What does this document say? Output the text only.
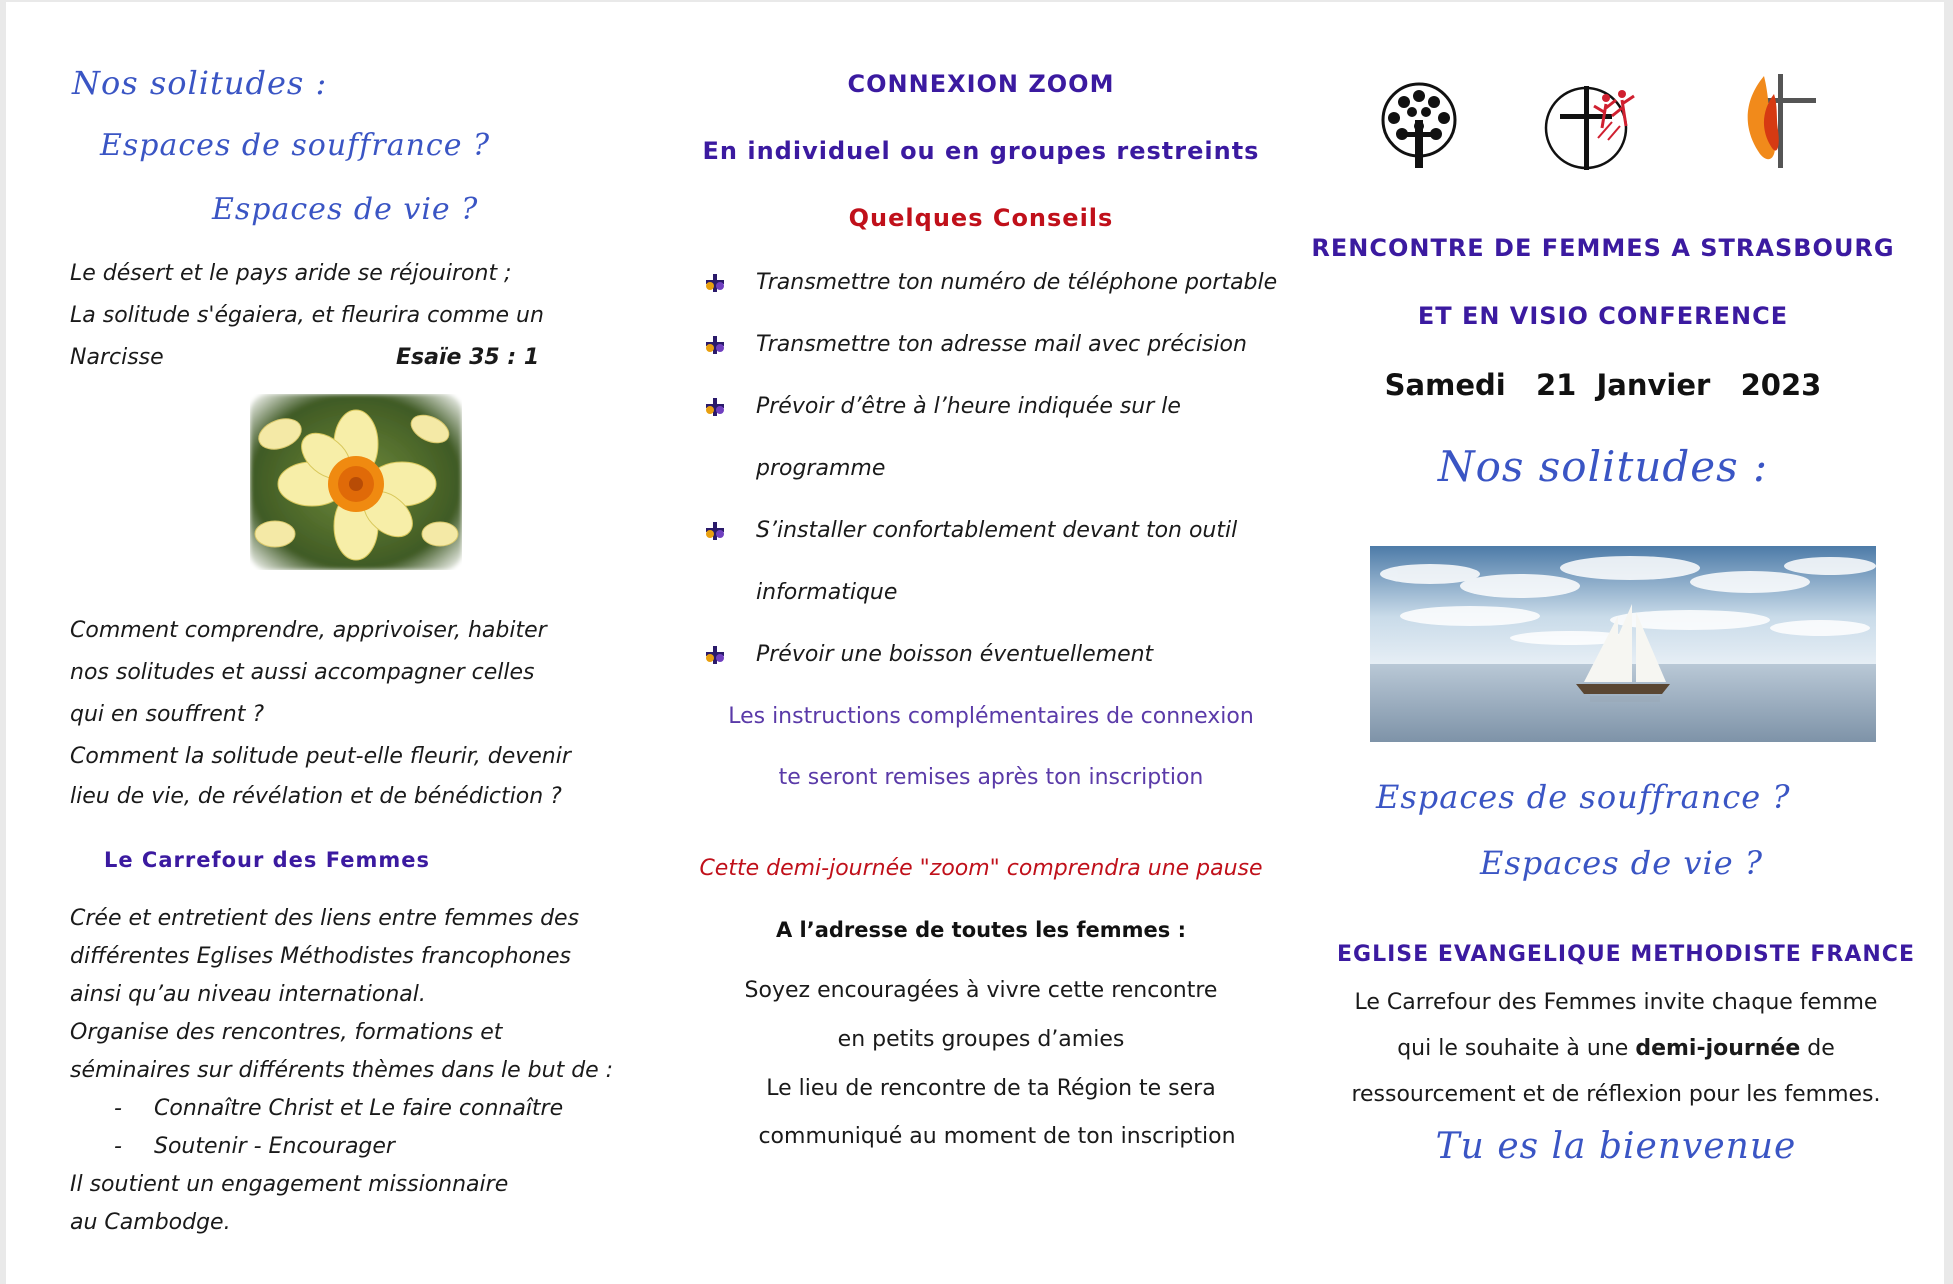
Nos solitudes :
Espaces de souffrance ?
Espaces de vie ?
Le désert et le pays aride se réjouiront ;
La solitude s'égaiera, et fleurira comme un
Narcisse	Esaïe 35 : 1
Comment comprendre, apprivoiser, habiter
nos solitudes et aussi accompagner celles
qui en souffrent ?
Comment la solitude peut-elle fleurir, devenir
lieu de vie, de révélation et de bénédiction ?
Le Carrefour des Femmes
Crée et entretient des liens entre femmes des
différentes Eglises Méthodistes francophones
ainsi qu’au niveau international.
Organise des rencontres, formations et
séminaires sur différents thèmes dans le but de :
- Connaître Christ et Le faire connaître
- Soutenir - Encourager
Il soutient un engagement missionnaire
au Cambodge.
CONNEXION ZOOM
En individuel ou en groupes restreints
Quelques Conseils
Transmettre ton numéro de téléphone portable
Transmettre ton adresse mail avec précision
Prévoir d’être à l’heure indiquée sur le
programme
S’installer confortablement devant ton outil
informatique
Prévoir une boisson éventuellement
Les instructions complémentaires de connexion
te seront remises après ton inscription
Cette demi-journée "zoom" comprendra une pause
A l’adresse de toutes les femmes :
Soyez encouragées à vivre cette rencontre
en petits groupes d’amies
Le lieu de rencontre de ta Région te sera
communiqué au moment de ton inscription
RENCONTRE DE FEMMES A STRASBOURG
ET EN VISIO CONFERENCE
Samedi   21  Janvier   2023
Nos solitudes :
Espaces de souffrance ?
Espaces de vie ?
EGLISE EVANGELIQUE METHODISTE FRANCE
Le Carrefour des Femmes invite chaque femme
qui le souhaite à une demi-journée de
ressourcement et de réflexion pour les femmes.
Tu es la bienvenue
